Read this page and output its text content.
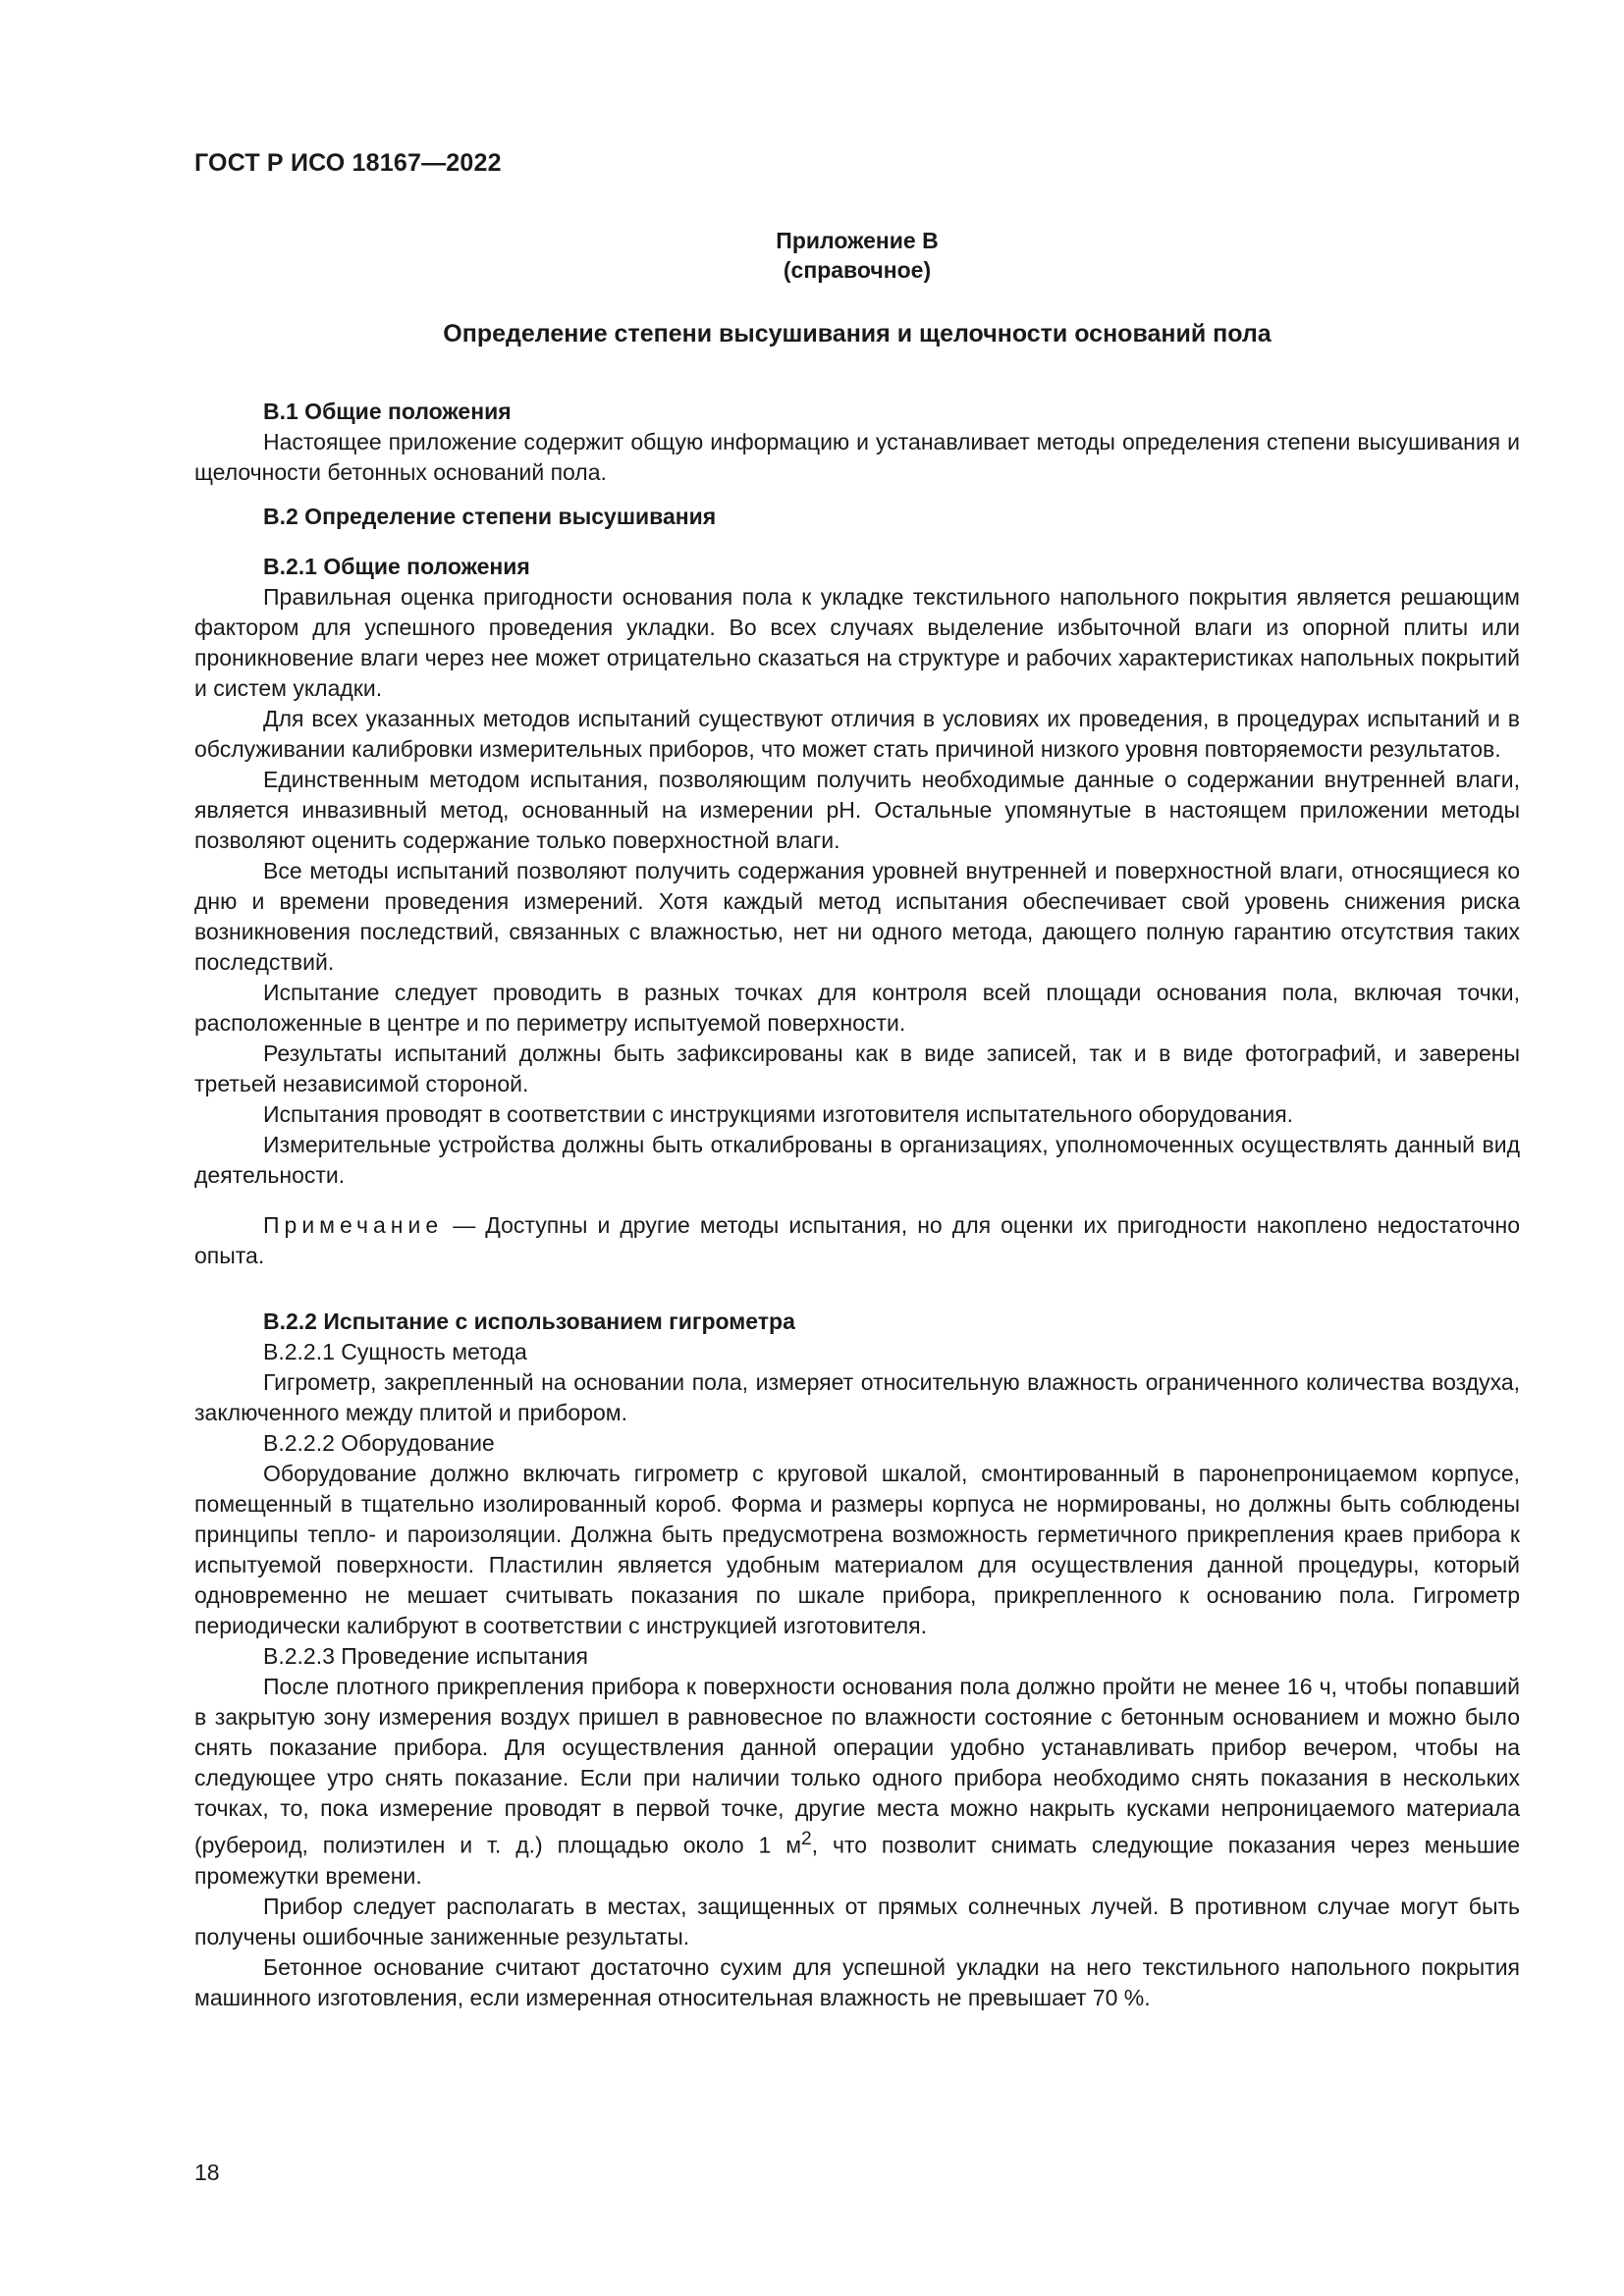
ГОСТ Р ИСО 18167—2022
Приложение В
(справочное)
Определение степени высушивания и щелочности оснований пола
В.1 Общие положения

Настоящее приложение содержит общую информацию и устанавливает методы определения степени высушивания и щелочности бетонных оснований пола.

В.2 Определение степени высушивания
В.2.1 Общие положения

Правильная оценка пригодности основания пола к укладке текстильного напольного покрытия является решающим фактором для успешного проведения укладки. Во всех случаях выделение избыточной влаги из опорной плиты или проникновение влаги через нее может отрицательно сказаться на структуре и рабочих характеристиках напольных покрытий и систем укладки.

Для всех указанных методов испытаний существуют отличия в условиях их проведения, в процедурах испытаний и в обслуживании калибровки измерительных приборов, что может стать причиной низкого уровня повторяемости результатов.

Единственным методом испытания, позволяющим получить необходимые данные о содержании внутренней влаги, является инвазивный метод, основанный на измерении pH. Остальные упомянутые в настоящем приложении методы позволяют оценить содержание только поверхностной влаги.

Все методы испытаний позволяют получить содержания уровней внутренней и поверхностной влаги, относящиеся ко дню и времени проведения измерений. Хотя каждый метод испытания обеспечивает свой уровень снижения риска возникновения последствий, связанных с влажностью, нет ни одного метода, дающего полную гарантию отсутствия таких последствий.

Испытание следует проводить в разных точках для контроля всей площади основания пола, включая точки, расположенные в центре и по периметру испытуемой поверхности.

Результаты испытаний должны быть зафиксированы как в виде записей, так и в виде фотографий, и заверены третьей независимой стороной.

Испытания проводят в соответствии с инструкциями изготовителя испытательного оборудования.

Измерительные устройства должны быть откалиброваны в организациях, уполномоченных осуществлять данный вид деятельности.

Примечание — Доступны и другие методы испытания, но для оценки их пригодности накоплено недостаточно опыта.

В.2.2 Испытание с использованием гигрометра
В.2.2.1 Сущность метода

Гигрометр, закрепленный на основании пола, измеряет относительную влажность ограниченного количества воздуха, заключенного между плитой и прибором.

В.2.2.2 Оборудование

Оборудование должно включать гигрометр с круговой шкалой, смонтированный в паронепроницаемом корпусе, помещенный в тщательно изолированный короб. Форма и размеры корпуса не нормированы, но должны быть соблюдены принципы тепло- и пароизоляции. Должна быть предусмотрена возможность герметичного прикрепления краев прибора к испытуемой поверхности. Пластилин является удобным материалом для осуществления данной процедуры, который одновременно не мешает считывать показания по шкале прибора, прикрепленного к основанию пола. Гигрометр периодически калибруют в соответствии с инструкцией изготовителя.

В.2.2.3 Проведение испытания

После плотного прикрепления прибора к поверхности основания пола должно пройти не менее 16 ч, чтобы попавший в закрытую зону измерения воздух пришел в равновесное по влажности состояние с бетонным основанием и можно было снять показание прибора. Для осуществления данной операции удобно устанавливать прибор вечером, чтобы на следующее утро снять показание. Если при наличии только одного прибора необходимо снять показания в нескольких точках, то, пока измерение проводят в первой точке, другие места можно накрыть кусками непроницаемого материала (рубероид, полиэтилен и т. д.) площадью около 1 $м^2$, что позволит снимать следующие показания через меньшие промежутки времени.

Прибор следует располагать в местах, защищенных от прямых солнечных лучей. В противном случае могут быть получены ошибочные заниженные результаты.

Бетонное основание считают достаточно сухим для успешной укладки на него текстильного напольного покрытия машинного изготовления, если измеренная относительная влажность не превышает 70 %.

18
